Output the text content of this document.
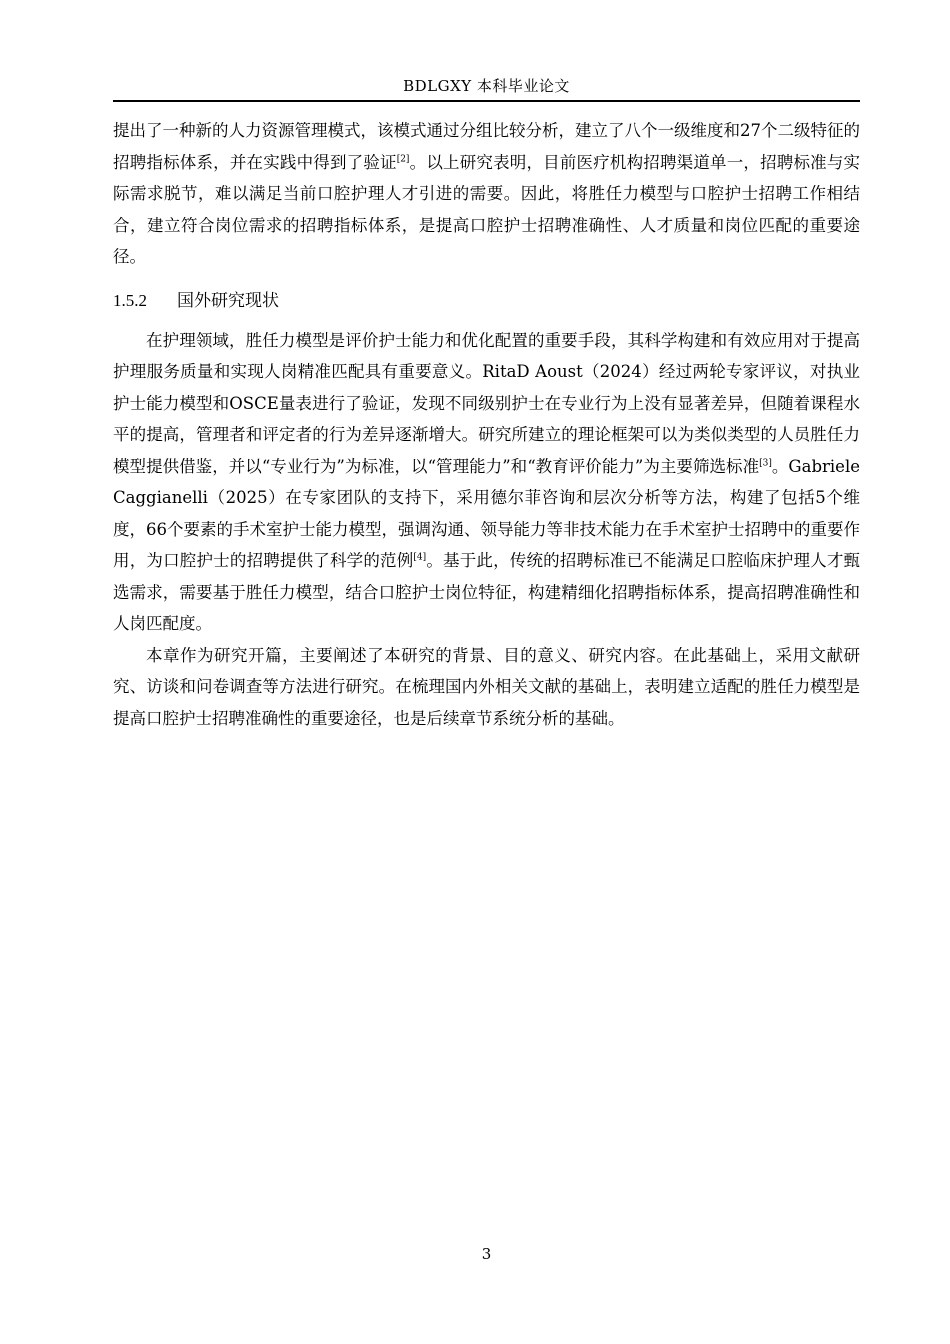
BDLGXY 本科毕业论文

提出了一种新的人力资源管理模式，该模式通过分组比较分析，建立了八个一级维度和27个二级特征的招聘指标体系，并在实践中得到了验证[2]。以上研究表明，目前医疗机构招聘渠道单一，招聘标准与实际需求脱节，难以满足当前口腔护理人才引进的需要。因此，将胜任力模型与口腔护士招聘工作相结合，建立符合岗位需求的招聘指标体系，是提高口腔护士招聘准确性、人才质量和岗位匹配的重要途径。

1.5.2 国外研究现状

在护理领域，胜任力模型是评价护士能力和优化配置的重要手段，其科学构建和有效应用对于提高护理服务质量和实现人岗精准匹配具有重要意义。RitaD Aoust（2024）经过两轮专家评议，对执业护士能力模型和OSCE量表进行了验证，发现不同级别护士在专业行为上没有显著差异，但随着课程水平的提高，管理者和评定者的行为差异逐渐增大。研究所建立的理论框架可以为类似类型的人员胜任力模型提供借鉴，并以“专业行为”为标准，以“管理能力”和“教育评价能力”为主要筛选标准[3]。Gabriele Caggianelli（2025）在专家团队的支持下，采用德尔菲咨询和层次分析等方法，构建了包括5个维度，66个要素的手术室护士能力模型，强调沟通、领导能力等非技术能力在手术室护士招聘中的重要作用，为口腔护士的招聘提供了科学的范例[4]。基于此，传统的招聘标准已不能满足口腔临床护理人才甄选需求，需要基于胜任力模型，结合口腔护士岗位特征，构建精细化招聘指标体系，提高招聘准确性和人岗匹配度。

本章作为研究开篇，主要阐述了本研究的背景、目的意义、研究内容。在此基础上，采用文献研究、访谈和问卷调查等方法进行研究。在梳理国内外相关文献的基础上，表明建立适配的胜任力模型是提高口腔护士招聘准确性的重要途径，也是后续章节系统分析的基础。

3
